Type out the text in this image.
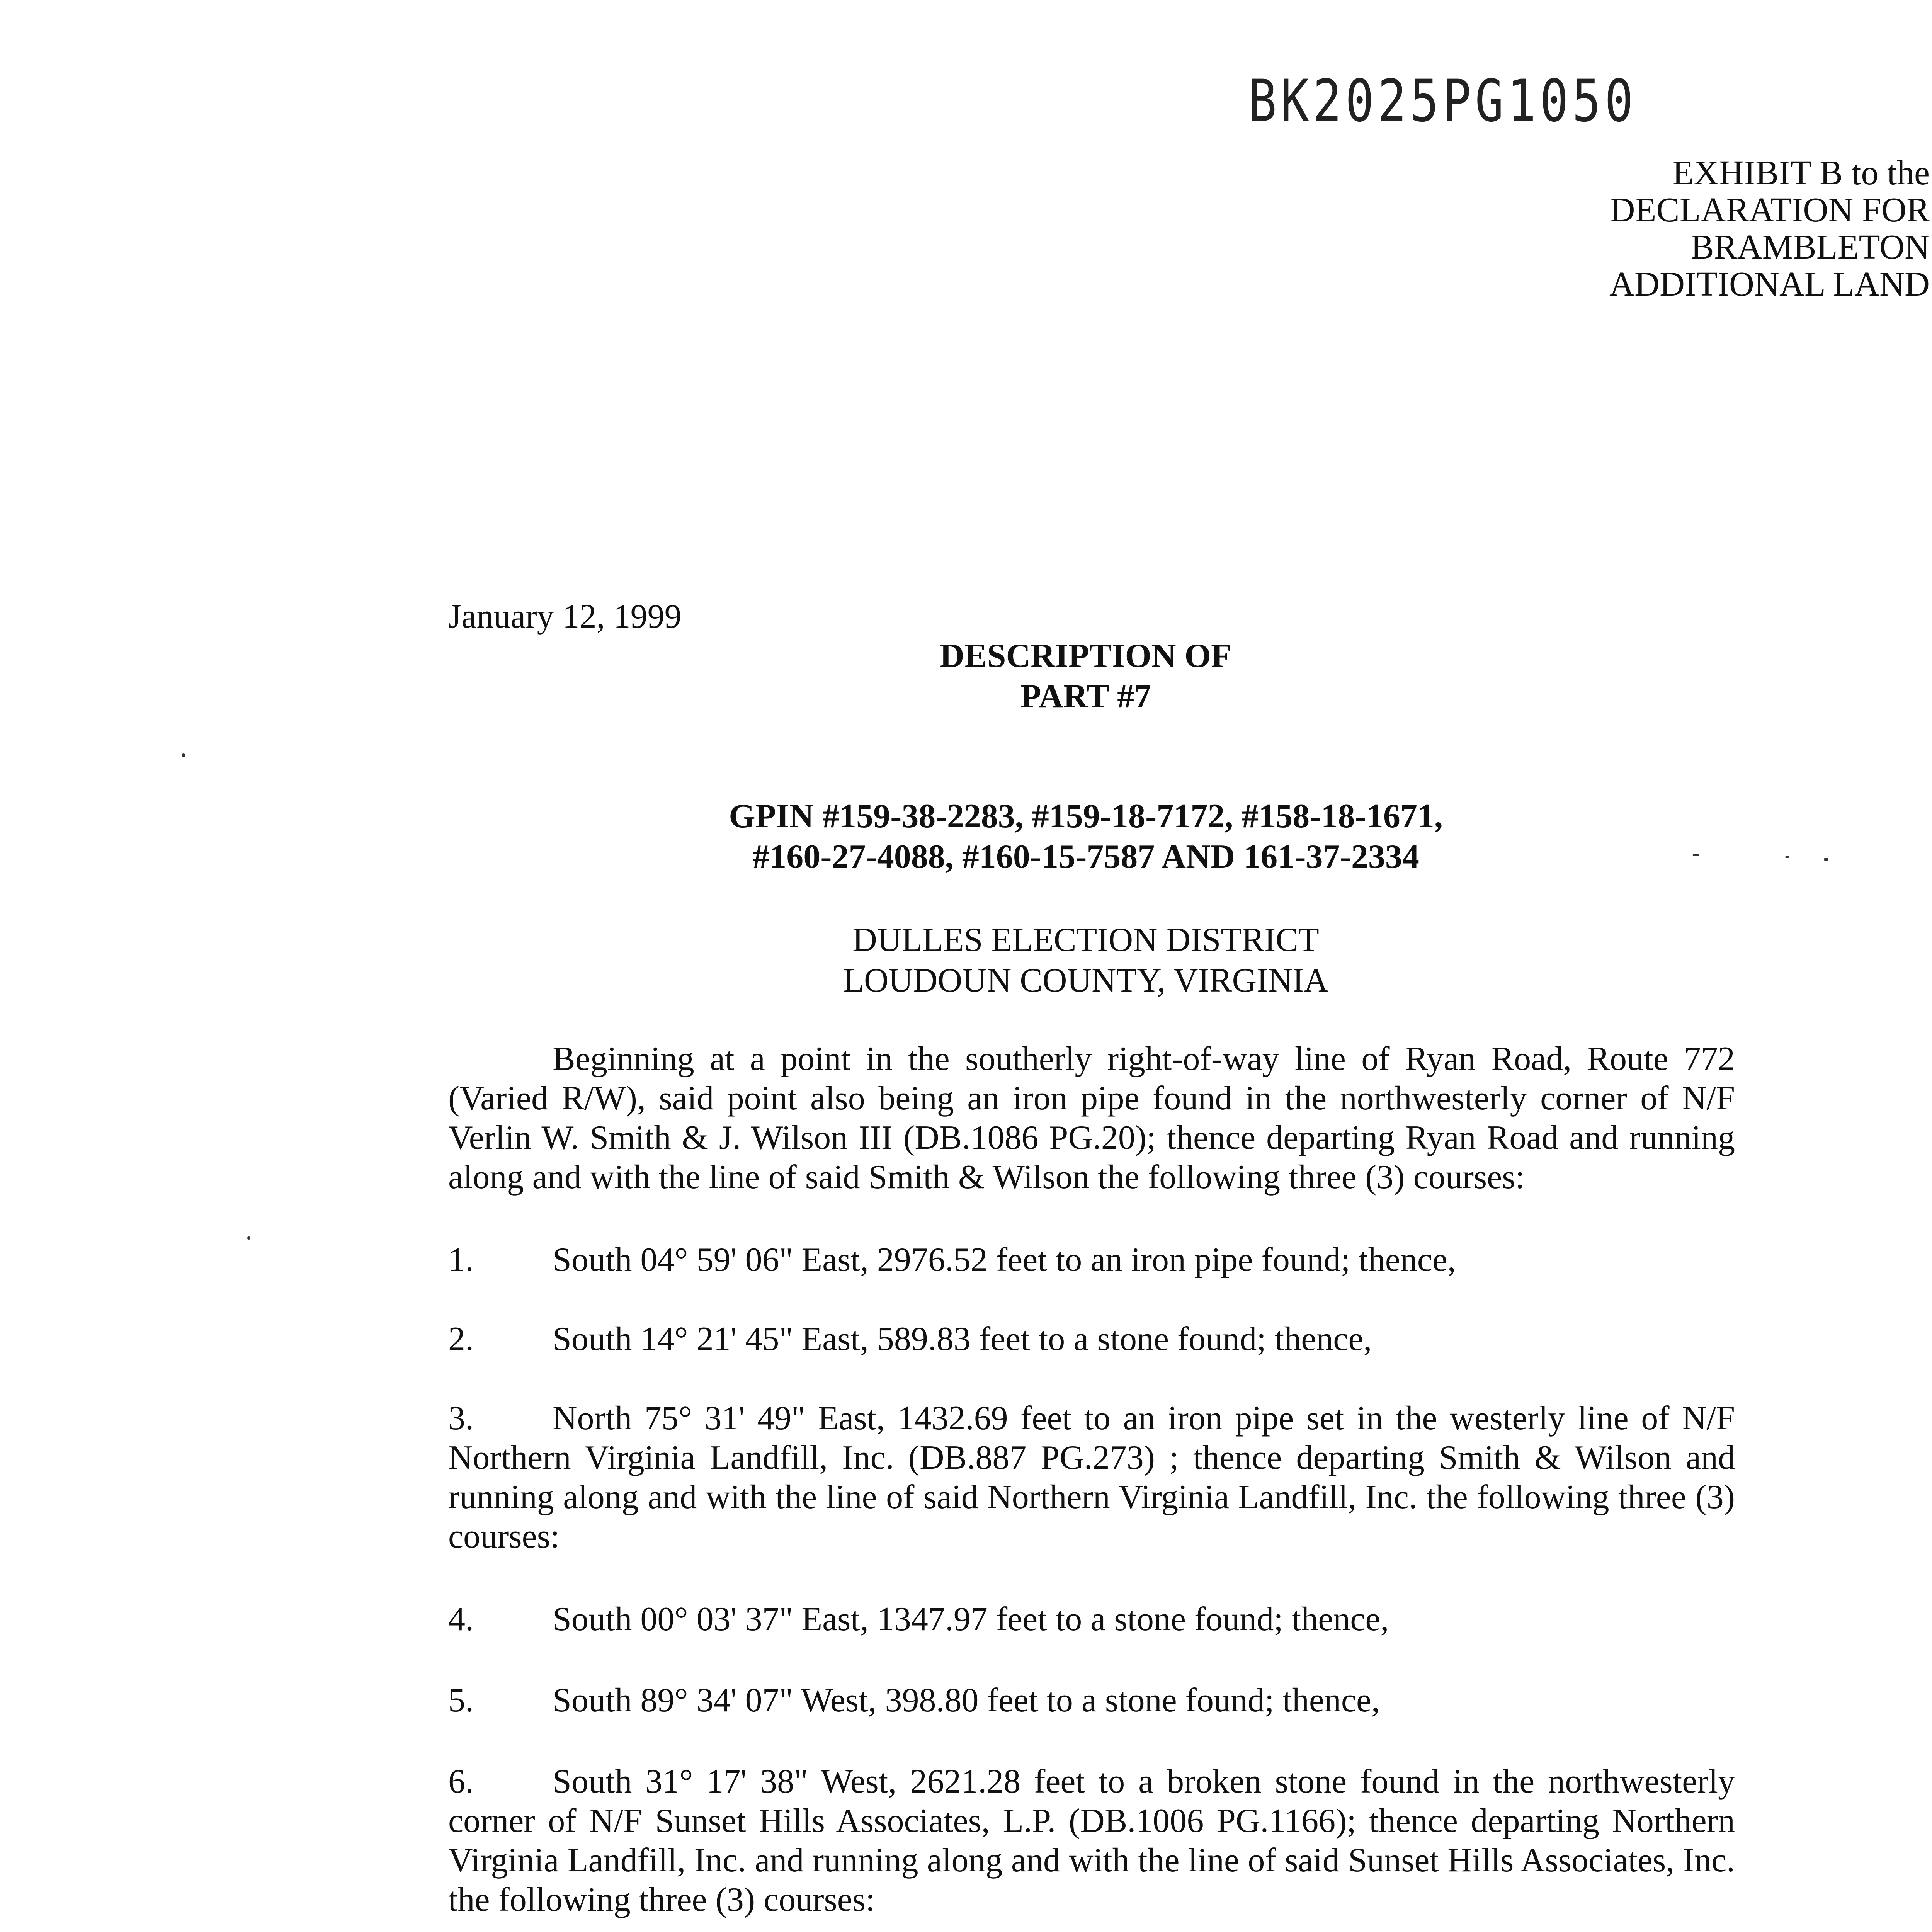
BK2025PG1050
EXHIBIT B to the
DECLARATION FOR
BRAMBLETON
ADDITIONAL LAND
January 12, 1999
DESCRIPTION OF
PART #7
GPIN #159-38-2283, #159-18-7172, #158-18-1671,
#160-27-4088, #160-15-7587 AND 161-37-2334
DULLES ELECTION DISTRICT
LOUDOUN COUNTY, VIRGINIA
Beginning at a point in the southerly right-of-way line of Ryan Road, Route 772 (Varied R/W), said point also being an iron pipe found in the northwesterly corner of N/F Verlin W. Smith & J. Wilson III (DB.1086 PG.20); thence departing Ryan Road and running along and with the line of said Smith & Wilson the following three (3) courses:
1. South 04° 59' 06" East, 2976.52 feet to an iron pipe found; thence,
2. South 14° 21' 45" East, 589.83 feet to a stone found; thence,
3. North 75° 31' 49" East, 1432.69 feet to an iron pipe set in the westerly line of N/F Northern Virginia Landfill, Inc. (DB.887 PG.273) ; thence departing Smith & Wilson and running along and with the line of said Northern Virginia Landfill, Inc. the following three (3) courses:
4. South 00° 03' 37" East, 1347.97 feet to a stone found; thence,
5. South 89° 34' 07" West, 398.80 feet to a stone found; thence,
6. South 31° 17' 38" West, 2621.28 feet to a broken stone found in the northwesterly corner of N/F Sunset Hills Associates, L.P. (DB.1006 PG.1166); thence departing Northern Virginia Landfill, Inc. and running along and with the line of said Sunset Hills Associates, Inc. the following three (3) courses:
